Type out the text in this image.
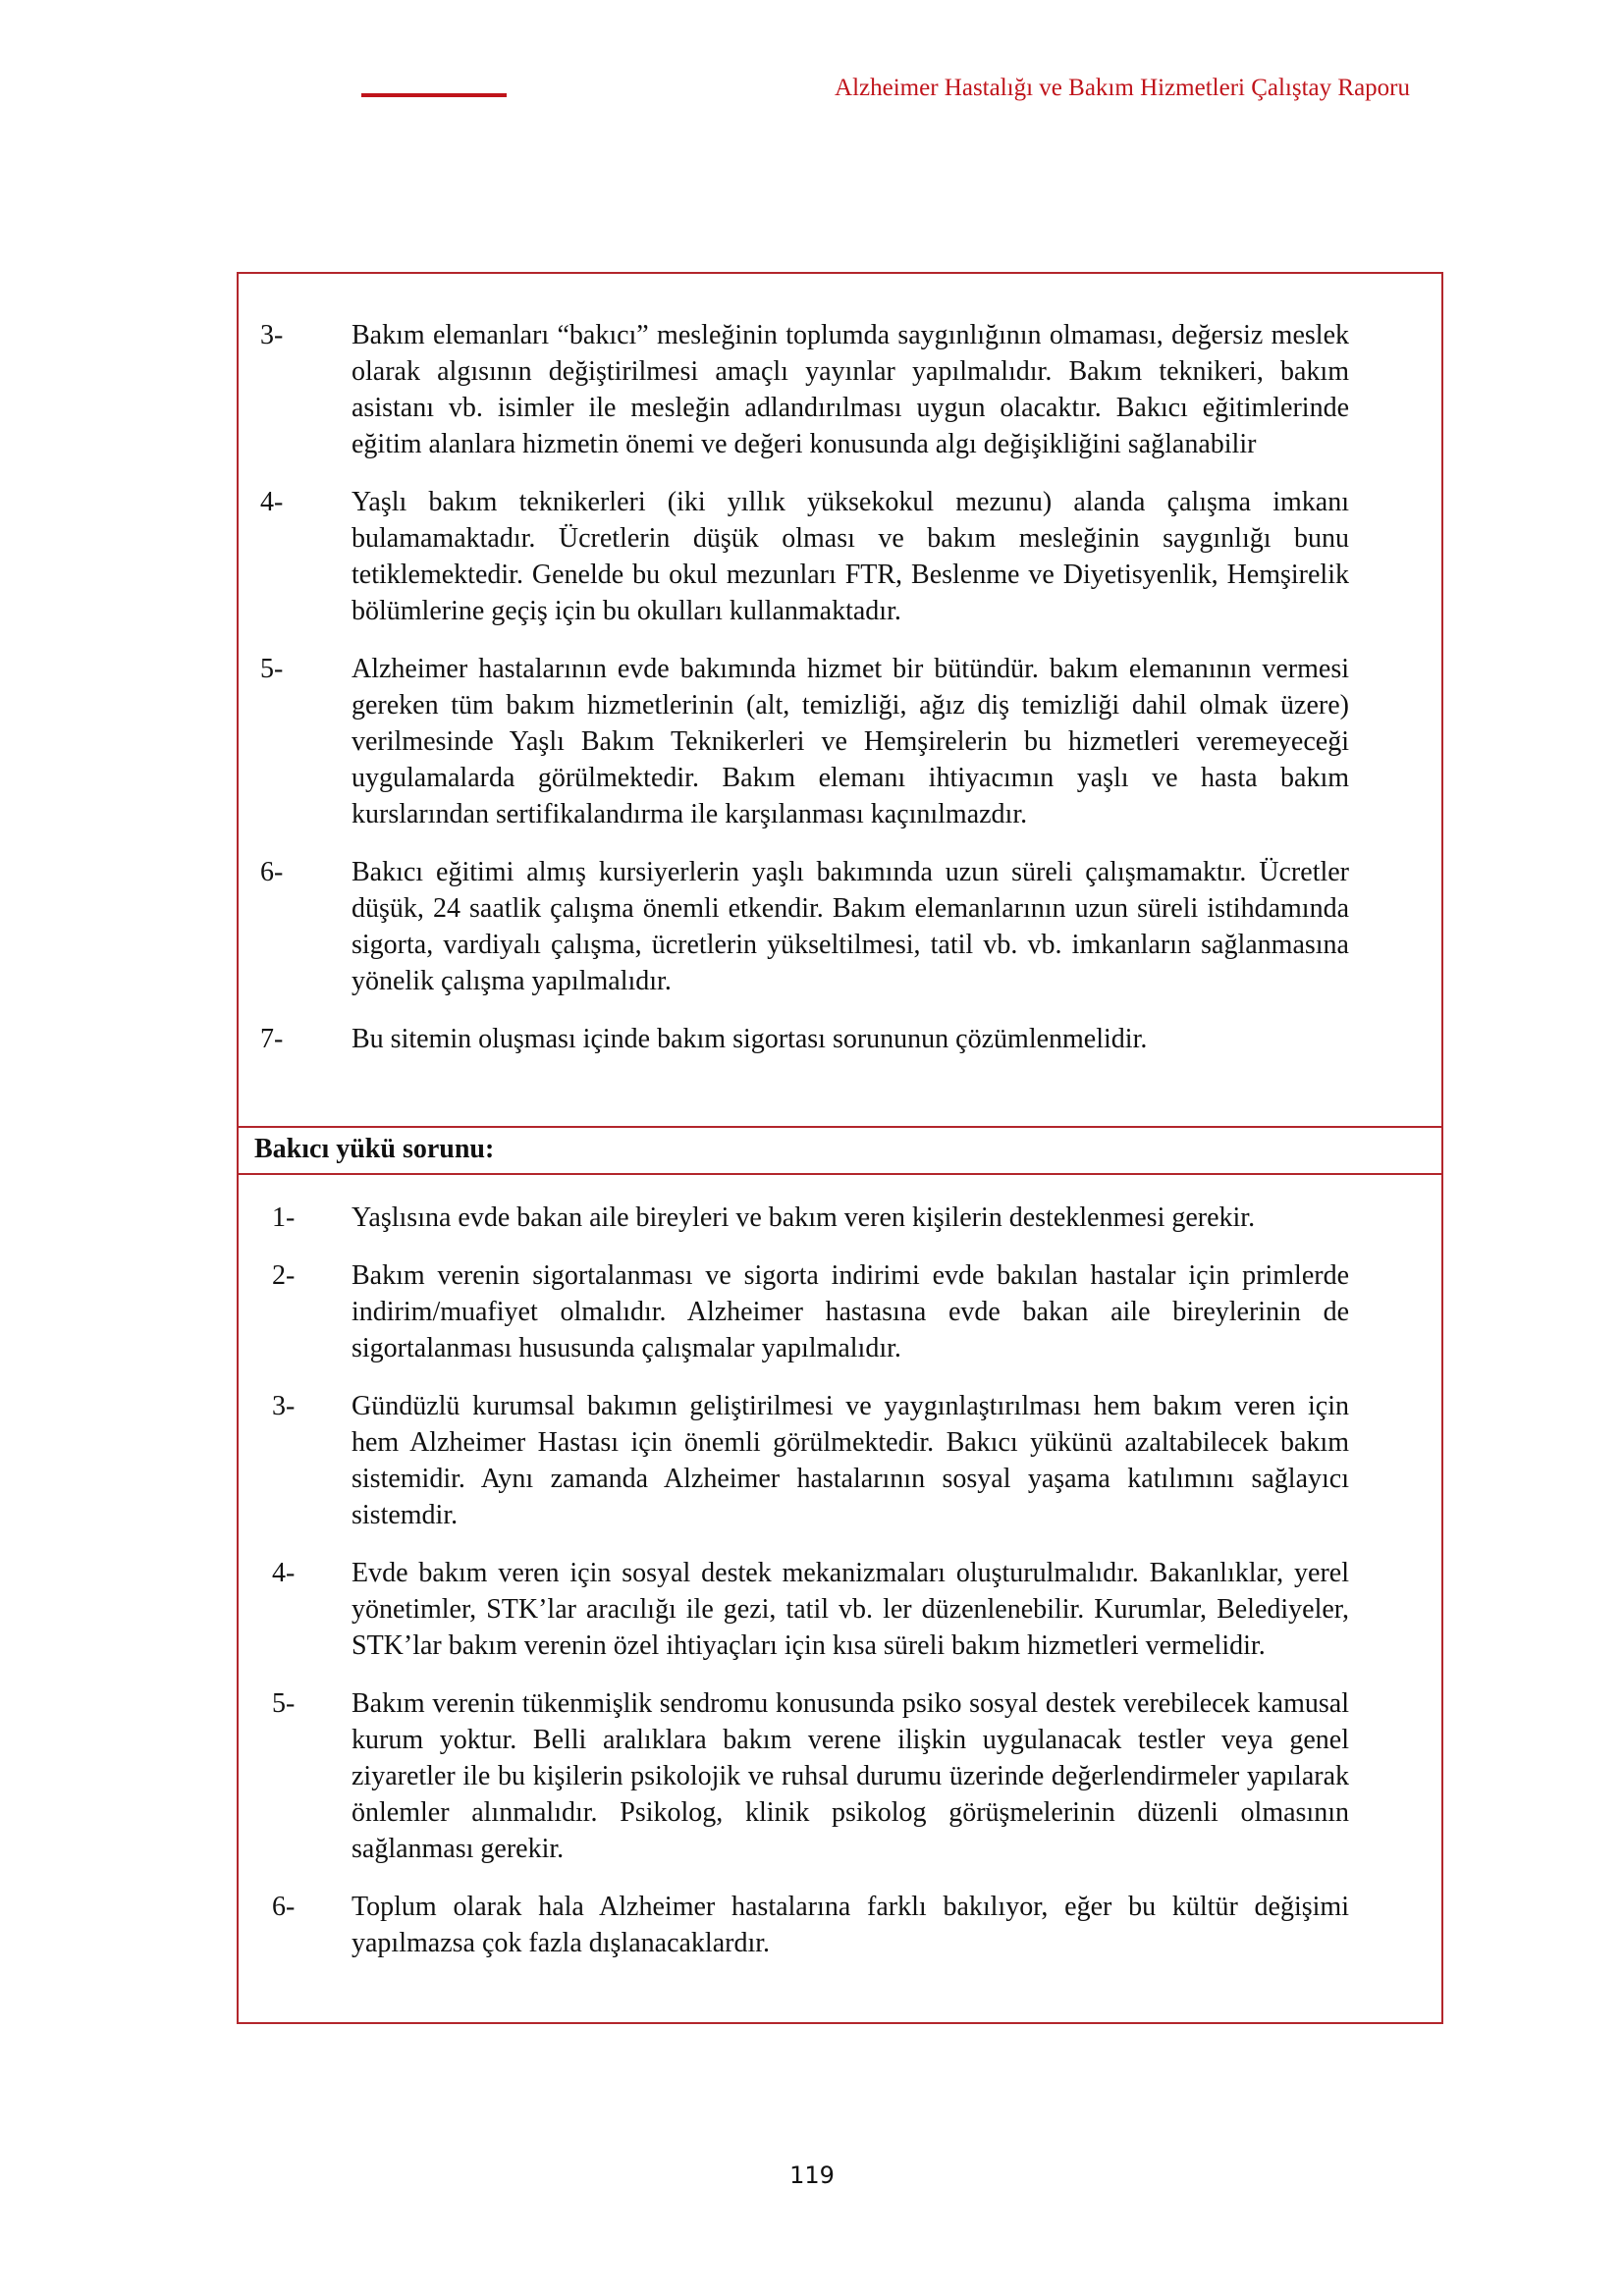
Alzheimer Hastalığı ve Bakım Hizmetleri Çalıştay Raporu
3- Bakım elemanları “bakıcı” mesleğinin toplumda saygınlığının olmaması, değersiz meslek olarak algısının değiştirilmesi amaçlı yayınlar yapılmalıdır. Bakım teknikeri, bakım asistanı vb. isimler ile mesleğin adlandırılması uygun olacaktır. Bakıcı eğitimlerinde eğitim alanlara hizmetin önemi ve değeri konusunda algı değişikliğini sağlanabilir
4- Yaşlı bakım teknikerleri (iki yıllık yüksekokul mezunu) alanda çalışma imkanı bulamamaktadır. Ücretlerin düşük olması ve bakım mesleğinin saygınlığı bunu tetiklemektedir. Genelde bu okul mezunları FTR, Beslenme ve Diyetisyenlik, Hemşirelik bölümlerine geçiş için bu okulları kullanmaktadır.
5- Alzheimer hastalarının evde bakımında hizmet bir bütündür. bakım elemanının vermesi gereken tüm bakım hizmetlerinin (alt, temizliği, ağız diş temizliği dahil olmak üzere) verilmesinde Yaşlı Bakım Teknikerleri ve Hemşirelerin bu hizmetleri veremeyeceği uygulamalarda görülmektedir. Bakım elemanı ihtiyacımın yaşlı ve hasta bakım kurslarından sertifikalandırma ile karşılanması kaçınılmazdır.
6- Bakıcı eğitimi almış kursiyerlerin yaşlı bakımında uzun süreli çalışmamaktır. Ücretler düşük, 24 saatlik çalışma önemli etkendir. Bakım elemanlarının uzun süreli istihdamında sigorta, vardiyalı çalışma, ücretlerin yükseltilmesi, tatil vb. vb. imkanların sağlanmasına yönelik çalışma yapılmalıdır.
7- Bu sitemin oluşması içinde bakım sigortası sorununun çözümlenmelidir.
Bakıcı yükü sorunu:
1- Yaşlısına evde bakan aile bireyleri ve bakım veren kişilerin desteklenmesi gerekir.
2- Bakım verenin sigortalanması ve sigorta indirimi evde bakılan hastalar için primlerde indirim/muafiyet olmalıdır. Alzheimer hastasına evde bakan aile bireylerinin de sigortalanması hususunda çalışmalar yapılmalıdır.
3- Gündüzlü kurumsal bakımın geliştirilmesi ve yaygınlaştırılması hem bakım veren için hem Alzheimer Hastası için önemli görülmektedir. Bakıcı yükünü azaltabilecek bakım sistemidir. Aynı zamanda Alzheimer hastalarının sosyal yaşama katılımını sağlayıcı sistemdir.
4- Evde bakım veren için sosyal destek mekanizmaları oluşturulmalıdır. Bakanlıklar, yerel yönetimler, STK’lar aracılığı ile gezi, tatil vb. ler düzenlenebilir. Kurumlar, Belediyeler, STK’lar bakım verenin özel ihtiyaçları için kısa süreli bakım hizmetleri vermelidir.
5- Bakım verenin tükenmişlik sendromu konusunda psiko sosyal destek verebilecek kamusal kurum yoktur. Belli aralıklara bakım verene ilişkin uygulanacak testler veya genel ziyaretler ile bu kişilerin psikolojik ve ruhsal durumu üzerinde değerlendirmeler yapılarak önlemler alınmalıdır. Psikolog, klinik psikolog görüşmelerinin düzenli olmasının sağlanması gerekir.
6- Toplum olarak hala Alzheimer hastalarına farklı bakılıyor, eğer bu kültür değişimi yapılmazsa çok fazla dışlanacaklardır.
119
